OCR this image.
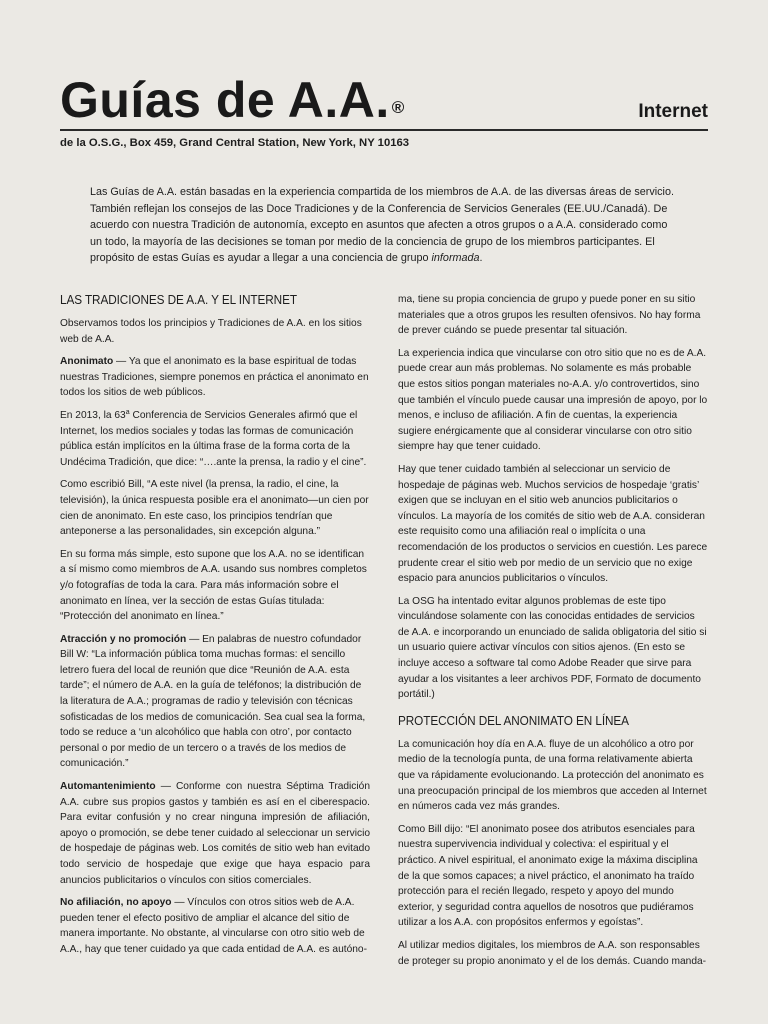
Guías de A.A. ®	Internet
de la O.S.G., Box 459, Grand Central Station, New York, NY 10163

Las Guías de A.A. están basadas en la experiencia compartida de los miembros de A.A. de las diversas áreas de servicio. También reflejan los consejos de las Doce Tradiciones y de la Conferencia de Servicios Generales (EE.UU./Canadá). De acuerdo con nuestra Tradición de autonomía, excepto en asuntos que afecten a otros grupos o a A.A. considerado como un todo, la mayoría de las decisiones se toman por medio de la conciencia de grupo de los miembros participantes. El propósito de estas Guías es ayudar a llegar a una conciencia de grupo informada.

LAS TRADICIONES DE A.A. Y EL INTERNET

Observamos todos los principios y Tradiciones de A.A. en los sitios web de A.A.

Anonimato — Ya que el anonimato es la base espiritual de todas nuestras Tradiciones, siempre ponemos en práctica el anonimato en todos los sitios de web públicos.

En 2013, la 63$^a$ Conferencia de Servicios Generales afirmó que el Internet, los medios sociales y todas las formas de comunicación pública están implícitos en la última frase de la forma corta de la Undécima Tradición, que dice: “….ante la prensa, la radio y el cine”.

Como escribió Bill, “A este nivel (la prensa, la radio, el cine, la televisión), la única respuesta posible era el anonimato—un cien por cien de anonimato. En este caso, los principios tendrían que anteponerse a las personalidades, sin excepción alguna.”

En su forma más simple, esto supone que los A.A. no se identifican a sí mismo como miembros de A.A. usando sus nombres completos y/o fotografías de toda la cara. Para más información sobre el anonimato en línea, ver la sección de estas Guías titulada: “Protección del anonimato en línea.”

Atracción y no promoción — En palabras de nuestro cofundador Bill W: “La información pública toma muchas formas: el sencillo letrero fuera del local de reunión que dice “Reunión de A.A. esta tarde”; el número de A.A. en la guía de teléfonos; la distribución de la literatura de A.A.; programas de radio y televisión con técnicas sofisticadas de los medios de comunicación. Sea cual sea la forma, todo se reduce a ‘un alcohólico que habla con otro’, por contacto personal o por medio de un tercero o a través de los medios de comunicación.”

Automantenimiento — Conforme con nuestra Séptima Tradición A.A. cubre sus propios gastos y también es así en el ciberespacio. Para evitar confusión y no crear ninguna impresión de afiliación, apoyo o promoción, se debe tener cuidado al seleccionar un servicio de hospedaje de páginas web. Los comités de sitio web han evitado todo servicio de hospedaje que exige que haya espacio para anuncios publicitarios o vínculos con sitios comerciales.

No afiliación, no apoyo — Vínculos con otros sitios web de A.A. pueden tener el efecto positivo de ampliar el alcance del sitio de manera importante. No obstante, al vincularse con otro sitio web de A.A., hay que tener cuidado ya que cada entidad de A.A. es autóno-

ma, tiene su propia conciencia de grupo y puede poner en su sitio materiales que a otros grupos les resulten ofensivos. No hay forma de prever cuándo se puede presentar tal situación.

La experiencia indica que vincularse con otro sitio que no es de A.A. puede crear aun más problemas. No solamente es más probable que estos sitios pongan materiales no-A.A. y/o controvertidos, sino que también el vínculo puede causar una impresión de apoyo, por lo menos, e incluso de afiliación. A fin de cuentas, la experiencia sugiere enérgicamente que al considerar vincularse con otro sitio siempre hay que tener cuidado.

Hay que tener cuidado también al seleccionar un servicio de hospedaje de páginas web. Muchos servicios de hospedaje ‘gratis’ exigen que se incluyan en el sitio web anuncios publicitarios o vínculos. La mayoría de los comités de sitio web de A.A. consideran este requisito como una afiliación real o implícita o una recomendación de los productos o servicios en cuestión. Les parece prudente crear el sitio web por medio de un servicio que no exige espacio para anuncios publicitarios o vínculos.

La OSG ha intentado evitar algunos problemas de este tipo vinculándose solamente con las conocidas entidades de servicios de A.A. e incorporando un enunciado de salida obligatoria del sitio si un usuario quiere activar vínculos con sitios ajenos. (En esto se incluye acceso a software tal como Adobe Reader que sirve para ayudar a los visitantes a leer archivos PDF, Formato de documento portátil.)

PROTECCIÓN DEL ANONIMATO EN LÍNEA

La comunicación hoy día en A.A. fluye de un alcohólico a otro por medio de la tecnología punta, de una forma relativamente abierta que va rápidamente evolucionando. La protección del anonimato es una preocupación principal de los miembros que acceden al Internet en números cada vez más grandes.

Como Bill dijo: “El anonimato posee dos atributos esenciales para nuestra supervivencia individual y colectiva: el espiritual y el práctico. A nivel espiritual, el anonimato exige la máxima disciplina de la que somos capaces; a nivel práctico, el anonimato ha traído protección para el recién llegado, respeto y apoyo del mundo exterior, y seguridad contra aquellos de nosotros que pudiéramos utilizar a los A.A. con propósitos enfermos y egoístas”.

Al utilizar medios digitales, los miembros de A.A. son responsables de proteger su propio anonimato y el de los demás. Cuando manda-
